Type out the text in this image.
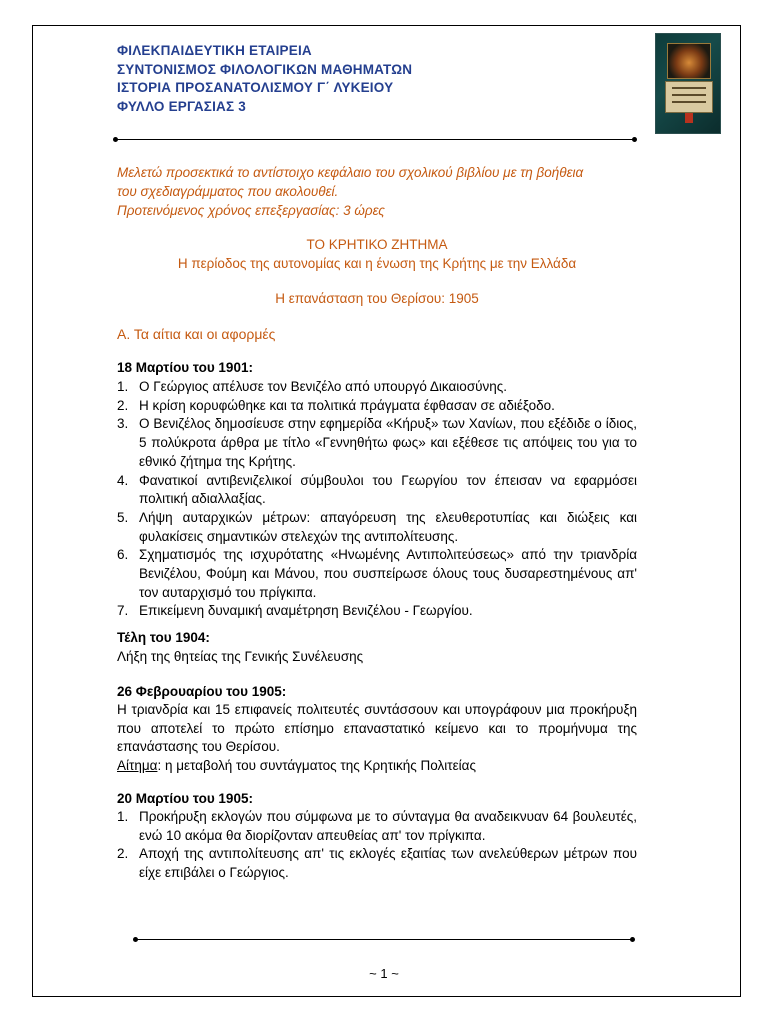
ΦΙΛΕΚΠΑΙΔΕΥΤΙΚΗ ΕΤΑΙΡΕΙΑ
ΣΥΝΤΟΝΙΣΜΟΣ ΦΙΛΟΛΟΓΙΚΩΝ ΜΑΘΗΜΑΤΩΝ
ΙΣΤΟΡΙΑ ΠΡΟΣΑΝΑΤΟΛΙΣΜΟΥ Γ΄ ΛΥΚΕΙΟΥ
ΦΥΛΛΟ ΕΡΓΑΣΙΑΣ 3
Μελετώ προσεκτικά το αντίστοιχο κεφάλαιο του σχολικού βιβλίου με τη βοήθεια
του σχεδιαγράμματος που ακολουθεί.
Προτεινόμενος χρόνος επεξεργασίας: 3 ώρες
ΤΟ ΚΡΗΤΙΚΟ ΖΗΤΗΜΑ
Η περίοδος της αυτονομίας και η ένωση της Κρήτης με την Ελλάδα
Η επανάσταση του Θερίσου: 1905
Α. Τα αίτια και οι αφορμές
18 Μαρτίου του 1901:
1. Ο Γεώργιος απέλυσε τον Βενιζέλο από υπουργό Δικαιοσύνης.
2. Η κρίση κορυφώθηκε και τα πολιτικά πράγματα έφθασαν σε αδιέξοδο.
3. Ο Βενιζέλος δημοσίευσε στην εφημερίδα «Κήρυξ» των Χανίων, που εξέδιδε ο ίδιος, 5 πολύκροτα άρθρα με τίτλο «Γεννηθήτω φως» και εξέθεσε τις απόψεις του για το εθνικό ζήτημα της Κρήτης.
4. Φανατικοί αντιβενιζελικοί σύμβουλοι του Γεωργίου τον έπεισαν να εφαρμόσει πολιτική αδιαλλαξίας.
5. Λήψη αυταρχικών μέτρων: απαγόρευση της ελευθεροτυπίας και διώξεις και φυλακίσεις σημαντικών στελεχών της αντιπολίτευσης.
6. Σχηματισμός της ισχυρότατης «Ηνωμένης Αντιπολιτεύσεως» από την τριανδρία Βενιζέλου, Φούμη και Μάνου, που συσπείρωσε όλους τους δυσαρεστημένους απ' τον αυταρχισμό του πρίγκιπα.
7. Επικείμενη δυναμική αναμέτρηση Βενιζέλου - Γεωργίου.
Τέλη του 1904:
Λήξη της θητείας της Γενικής Συνέλευσης
26 Φεβρουαρίου του 1905:
Η τριανδρία και 15 επιφανείς πολιτευτές συντάσσουν και υπογράφουν μια προκήρυξη που αποτελεί το πρώτο επίσημο επαναστατικό κείμενο και το προμήνυμα της επανάστασης του Θερίσου.
Αίτημα: η μεταβολή του συντάγματος της Κρητικής Πολιτείας
20 Μαρτίου του 1905:
1. Προκήρυξη εκλογών που σύμφωνα με το σύνταγμα θα αναδεικνυαν 64 βουλευτές, ενώ 10 ακόμα θα διορίζονταν απευθείας απ' τον πρίγκιπα.
2. Αποχή της αντιπολίτευσης απ' τις εκλογές εξαιτίας των ανελεύθερων μέτρων που είχε επιβάλει ο Γεώργιος.
~ 1 ~
